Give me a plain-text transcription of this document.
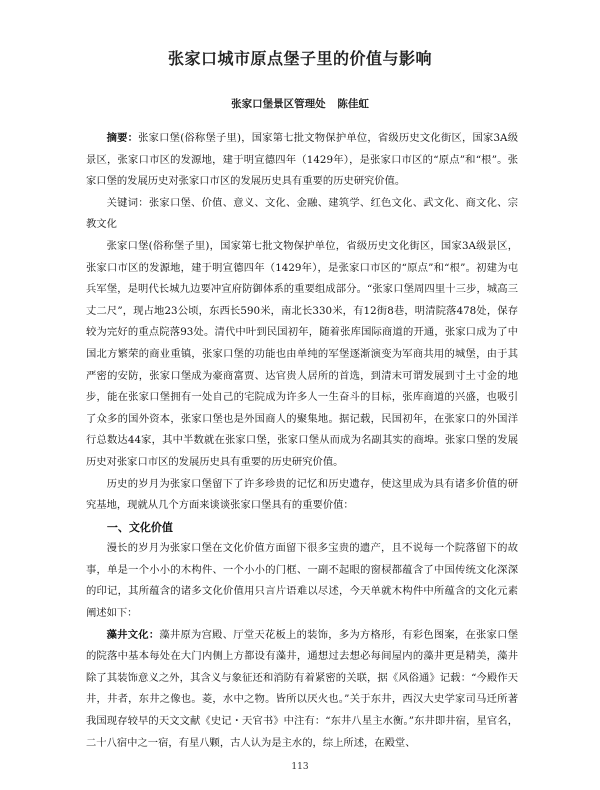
张家口城市原点堡子里的价值与影响
张家口堡景区管理处 陈佳虹

摘要：张家口堡(俗称堡子里)，国家第七批文物保护单位，省级历史文化街区，国家3A级景区，张家口市区的发源地，建于明宣德四年（1429年），是张家口市区的“原点”和“根”。张家口堡的发展历史对张家口市区的发展历史具有重要的历史研究价值。

关键词：张家口堡、价值、意义、文化、金融、建筑学、红色文化、武文化、商文化、宗教文化

张家口堡(俗称堡子里)，国家第七批文物保护单位，省级历史文化街区，国家3A级景区，张家口市区的发源地，建于明宣德四年（1429年），是张家口市区的“原点”和“根”。初建为屯兵军堡，是明代长城九边要冲宣府防御体系的重要组成部分。“张家口堡周四里十三步，城高三丈二尺”，现占地23公顷，东西长590米，南北长330米，有12街8巷，明清院落478处，保存较为完好的重点院落93处。清代中叶到民国初年，随着张库国际商道的开通，张家口成为了中国北方繁荣的商业重镇，张家口堡的功能也由单纯的军堡逐渐演变为军商共用的城堡，由于其严密的安防，张家口堡成为豪商富贾、达官贵人居所的首选，到清末可谓发展到寸土寸金的地步，能在张家口堡拥有一处自己的宅院成为许多人一生奋斗的目标，张库商道的兴盛，也吸引了众多的国外资本，张家口堡也是外国商人的聚集地。据记载，民国初年，在张家口的外国洋行总数达44家，其中半数就在张家口堡，张家口堡从而成为名副其实的商埠。张家口堡的发展历史对张家口市区的发展历史具有重要的历史研究价值。

历史的岁月为张家口堡留下了许多珍贵的记忆和历史遗存，使这里成为具有诸多价值的研究基地，现就从几个方面来谈谈张家口堡具有的重要价值：

一、文化价值

漫长的岁月为张家口堡在文化价值方面留下很多宝贵的遗产，且不说每一个院落留下的故事，单是一个小小的木构件、一个小小的门框、一副不起眼的窗棂都蕴含了中国传统文化深深的印记，其所蕴含的诸多文化价值用只言片语难以尽述，今天单就木构件中所蕴含的文化元素阐述如下：

藻井文化：藻井原为宫殿、厅堂天花板上的装饰，多为方格形，有彩色图案，在张家口堡的院落中基本每处在大门内侧上方都设有藻井，通想过去想必每间屋内的藻井更是精美，藻井除了其装饰意义之外，其含义与象征还和消防有着紧密的关联，据《风俗通》记载：“今殿作天井，井者，东井之像也。菱，水中之物。皆所以厌火也。”关于东井，西汉大史学家司马迁所著我国现存较早的天文文献《史记・天官书》中注有：“东井八星主水衡。”东井即井宿，星官名，二十八宿中之一宿，有星八颗，古人认为是主水的，综上所述，在殿堂、

113
